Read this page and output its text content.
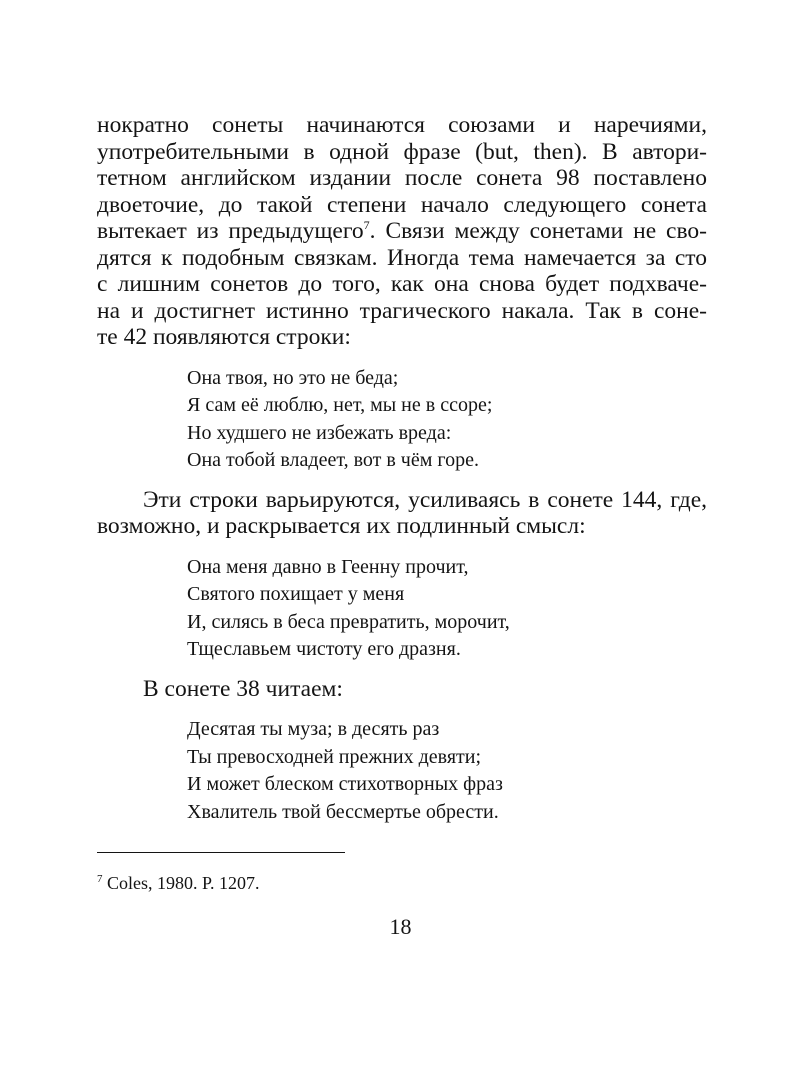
нократно сонеты начинаются союзами и наречиями,
употребительными в одной фразе (but, then). В автори-
тетном английском издании после сонета 98 поставлено
двоеточие, до такой степени начало следующего сонета
вытекает из предыдущего$^7$. Связи между сонетами не сво-
дятся к подобным связкам. Иногда тема намечается за сто
с лишним сонетов до того, как она снова будет подхваче-
на и достигнет истинно трагического накала. Так в соне-
те 42 появляются строки:
Она твоя, но это не беда;
Я сам её люблю, нет, мы не в ссоре;
Но худшего не избежать вреда:
Она тобой владеет, вот в чём горе.
Эти строки варьируются, усиливаясь в сонете 144, где,
возможно, и раскрывается их подлинный смысл:
Она меня давно в Геенну прочит,
Святого похищает у меня
И, силясь в беса превратить, морочит,
Тщеславьем чистоту его дразня.
В сонете 38 читаем:
Десятая ты муза; в десять раз
Ты превосходней прежних девяти;
И может блеском стихотворных фраз
Хвалитель твой бессмертье обрести.
$^7$ Coles, 1980. P. 1207.
18
